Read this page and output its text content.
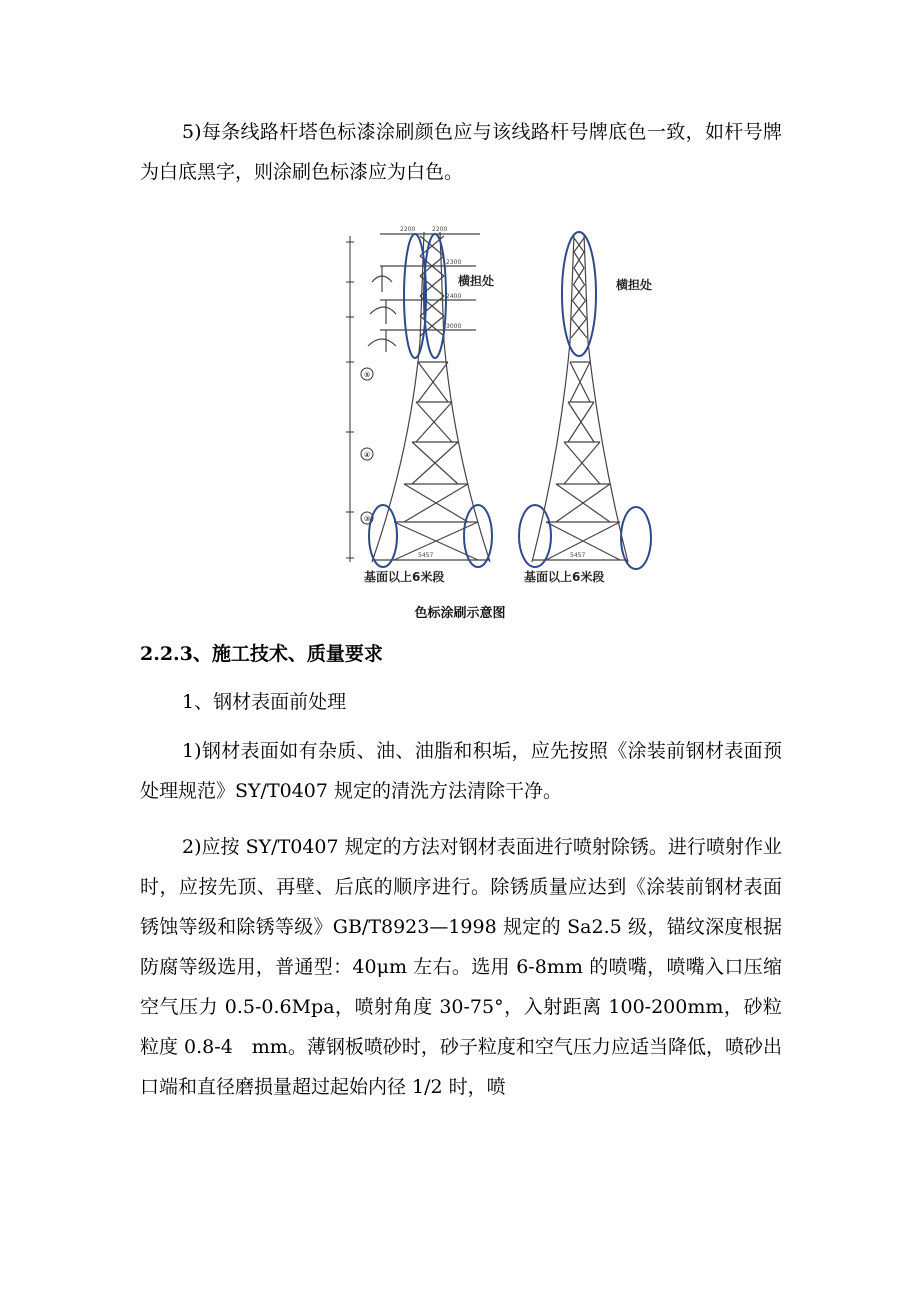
5)每条线路杆塔色标漆涂刷颜色应与该线路杆号牌底色一致，如杆号牌为白底黑字，则涂刷色标漆应为白色。

⑤
④
③
2200	2200
2300
2400
3000
5457	5457
横担处	横担处
基面以上6米段	基面以上6米段
色标涂刷示意图
2.2.3、施工技术、质量要求

1、钢材表面前处理

1)钢材表面如有杂质、油、油脂和积垢，应先按照《涂装前钢材表面预处理规范》SY/T0407 规定的清洗方法清除干净。

2)应按 SY/T0407 规定的方法对钢材表面进行喷射除锈。进行喷射作业时，应按先顶、再壁、后底的顺序进行。除锈质量应达到《涂装前钢材表面锈蚀等级和除锈等级》GB/T8923—1998 规定的 Sa2.5 级，锚纹深度根据防腐等级选用，普通型：40μm 左右。选用 6-8mm 的喷嘴，喷嘴入口压缩空气压力 0.5-0.6Mpa，喷射角度 30-75°，入射距离 100-200mm，砂粒粒度 0.8-4　mm。薄钢板喷砂时，砂子粒度和空气压力应适当降低，喷砂出口端和直径磨损量超过起始内径 1/2 时，喷
